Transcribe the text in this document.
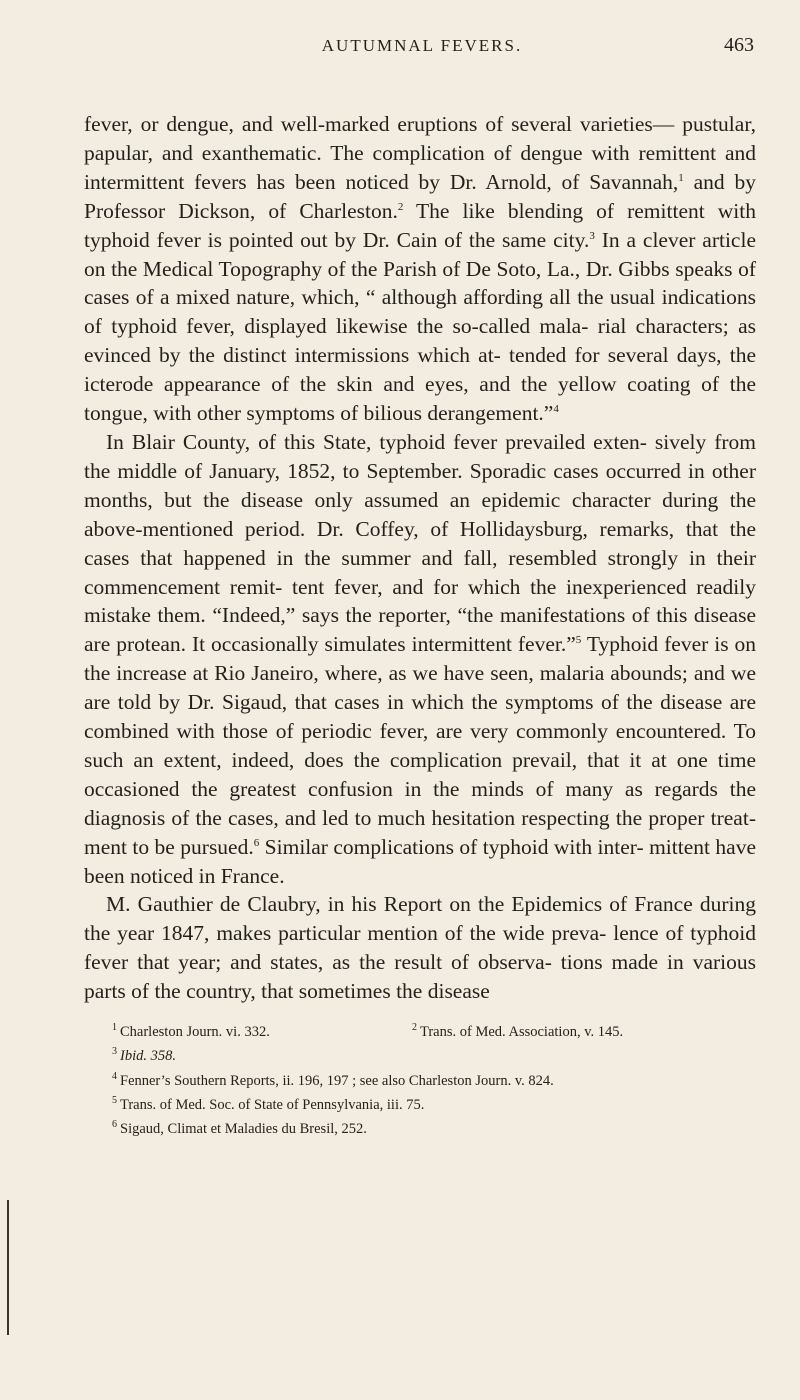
AUTUMNAL FEVERS.	463

fever, or dengue, and well-marked eruptions of several varieties— pustular, papular, and exanthematic. The complication of dengue with remittent and intermittent fevers has been noticed by Dr. Arnold, of Savannah,$^1$ and by Professor Dickson, of Charleston.$^2$ The like blending of remittent with typhoid fever is pointed out by Dr. Cain of the same city.$^3$ In a clever article on the Medical Topography of the Parish of De Soto, La., Dr. Gibbs speaks of cases of a mixed nature, which, “ although affording all the usual indications of typhoid fever, displayed likewise the so-called mala- rial characters; as evinced by the distinct intermissions which at- tended for several days, the icterode appearance of the skin and eyes, and the yellow coating of the tongue, with other symptoms of bilious derangement.”$^4$

In Blair County, of this State, typhoid fever prevailed exten- sively from the middle of January, 1852, to September. Sporadic cases occurred in other months, but the disease only assumed an epidemic character during the above-mentioned period. Dr. Coffey, of Hollidaysburg, remarks, that the cases that happened in the summer and fall, resembled strongly in their commencement remit- tent fever, and for which the inexperienced readily mistake them. “Indeed,” says the reporter, “the manifestations of this disease are protean. It occasionally simulates intermittent fever.”$^5$ Typhoid fever is on the increase at Rio Janeiro, where, as we have seen, malaria abounds; and we are told by Dr. Sigaud, that cases in which the symptoms of the disease are combined with those of periodic fever, are very commonly encountered. To such an extent, indeed, does the complication prevail, that it at one time occasioned the greatest confusion in the minds of many as regards the diagnosis of the cases, and led to much hesitation respecting the proper treat- ment to be pursued.$^6$ Similar complications of typhoid with inter- mittent have been noticed in France.

M. Gauthier de Claubry, in his Report on the Epidemics of France during the year 1847, makes particular mention of the wide preva- lence of typhoid fever that year; and states, as the result of observa- tions made in various parts of the country, that sometimes the disease

$^1$ Charleston Journ. vi. 332.	$^2$ Trans. of Med. Association, v. 145.
$^3$ Ibid. 358.
$^4$ Fenner’s Southern Reports, ii. 196, 197 ; see also Charleston Journ. v. 824.
$^5$ Trans. of Med. Soc. of State of Pennsylvania, iii. 75.
$^6$ Sigaud, Climat et Maladies du Bresil, 252.
